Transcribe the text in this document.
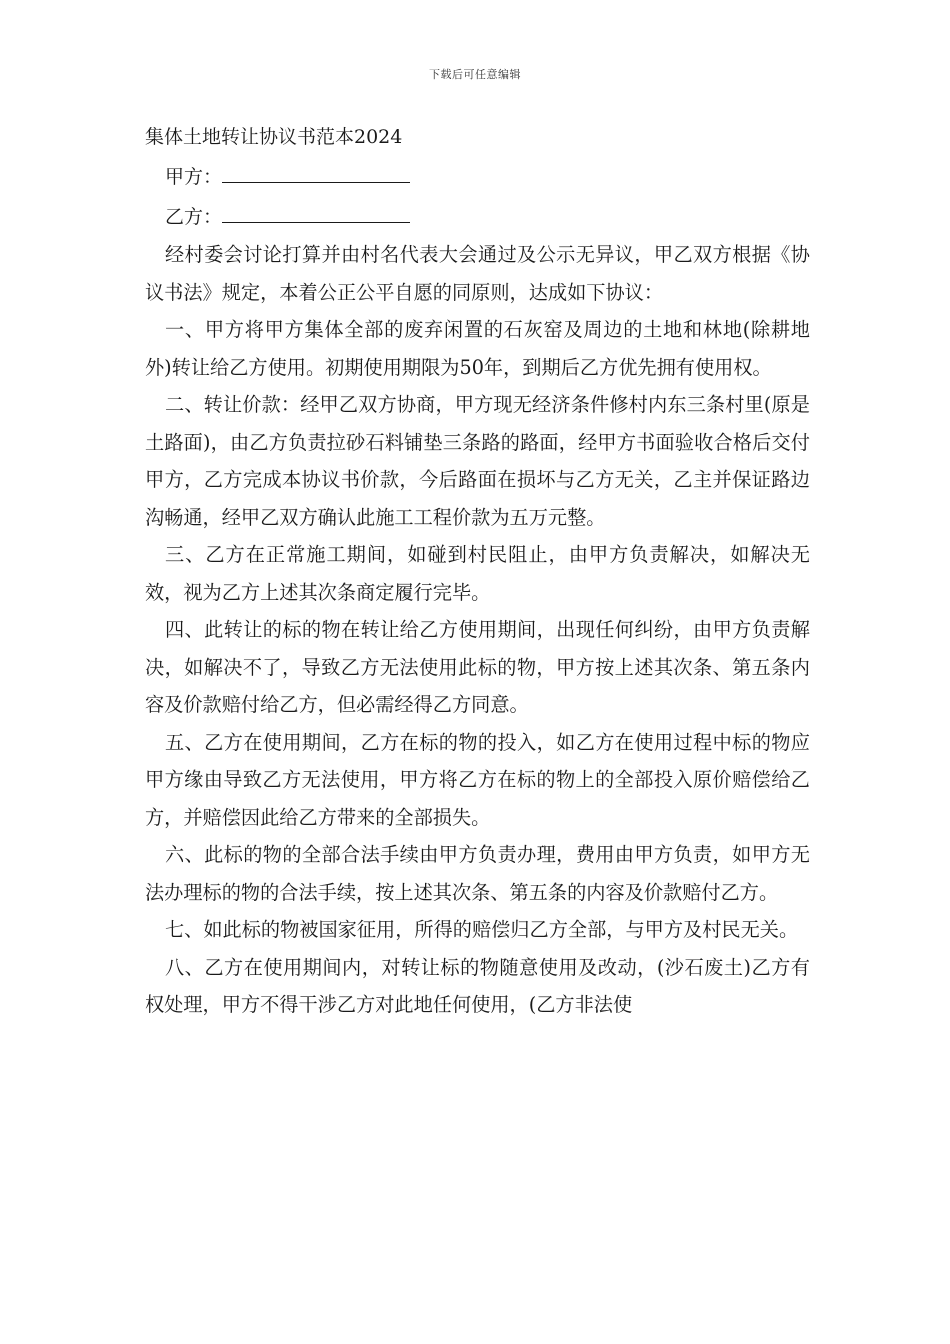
下载后可任意编辑
集体土地转让协议书范本2024
甲方：
乙方：

经村委会讨论打算并由村名代表大会通过及公示无异议，甲乙双方根据《协议书法》规定，本着公正公平自愿的同原则，达成如下协议：

一、甲方将甲方集体全部的废弃闲置的石灰窑及周边的土地和林地(除耕地外)转让给乙方使用。初期使用期限为50年，到期后乙方优先拥有使用权。

二、转让价款：经甲乙双方协商，甲方现无经济条件修村内东三条村里(原是土路面)，由乙方负责拉砂石料铺垫三条路的路面，经甲方书面验收合格后交付甲方，乙方完成本协议书价款，今后路面在损坏与乙方无关，乙主并保证路边沟畅通，经甲乙双方确认此施工工程价款为五万元整。

三、乙方在正常施工期间，如碰到村民阻止，由甲方负责解决，如解决无效，视为乙方上述其次条商定履行完毕。

四、此转让的标的物在转让给乙方使用期间，出现任何纠纷，由甲方负责解决，如解决不了，导致乙方无法使用此标的物，甲方按上述其次条、第五条内容及价款赔付给乙方，但必需经得乙方同意。

五、乙方在使用期间，乙方在标的物的投入，如乙方在使用过程中标的物应甲方缘由导致乙方无法使用，甲方将乙方在标的物上的全部投入原价赔偿给乙方，并赔偿因此给乙方带来的全部损失。

六、此标的物的全部合法手续由甲方负责办理，费用由甲方负责，如甲方无法办理标的物的合法手续，按上述其次条、第五条的内容及价款赔付乙方。

七、如此标的物被国家征用，所得的赔偿归乙方全部，与甲方及村民无关。

八、乙方在使用期间内，对转让标的物随意使用及改动，(沙石废土)乙方有权处理，甲方不得干涉乙方对此地任何使用，(乙方非法使
